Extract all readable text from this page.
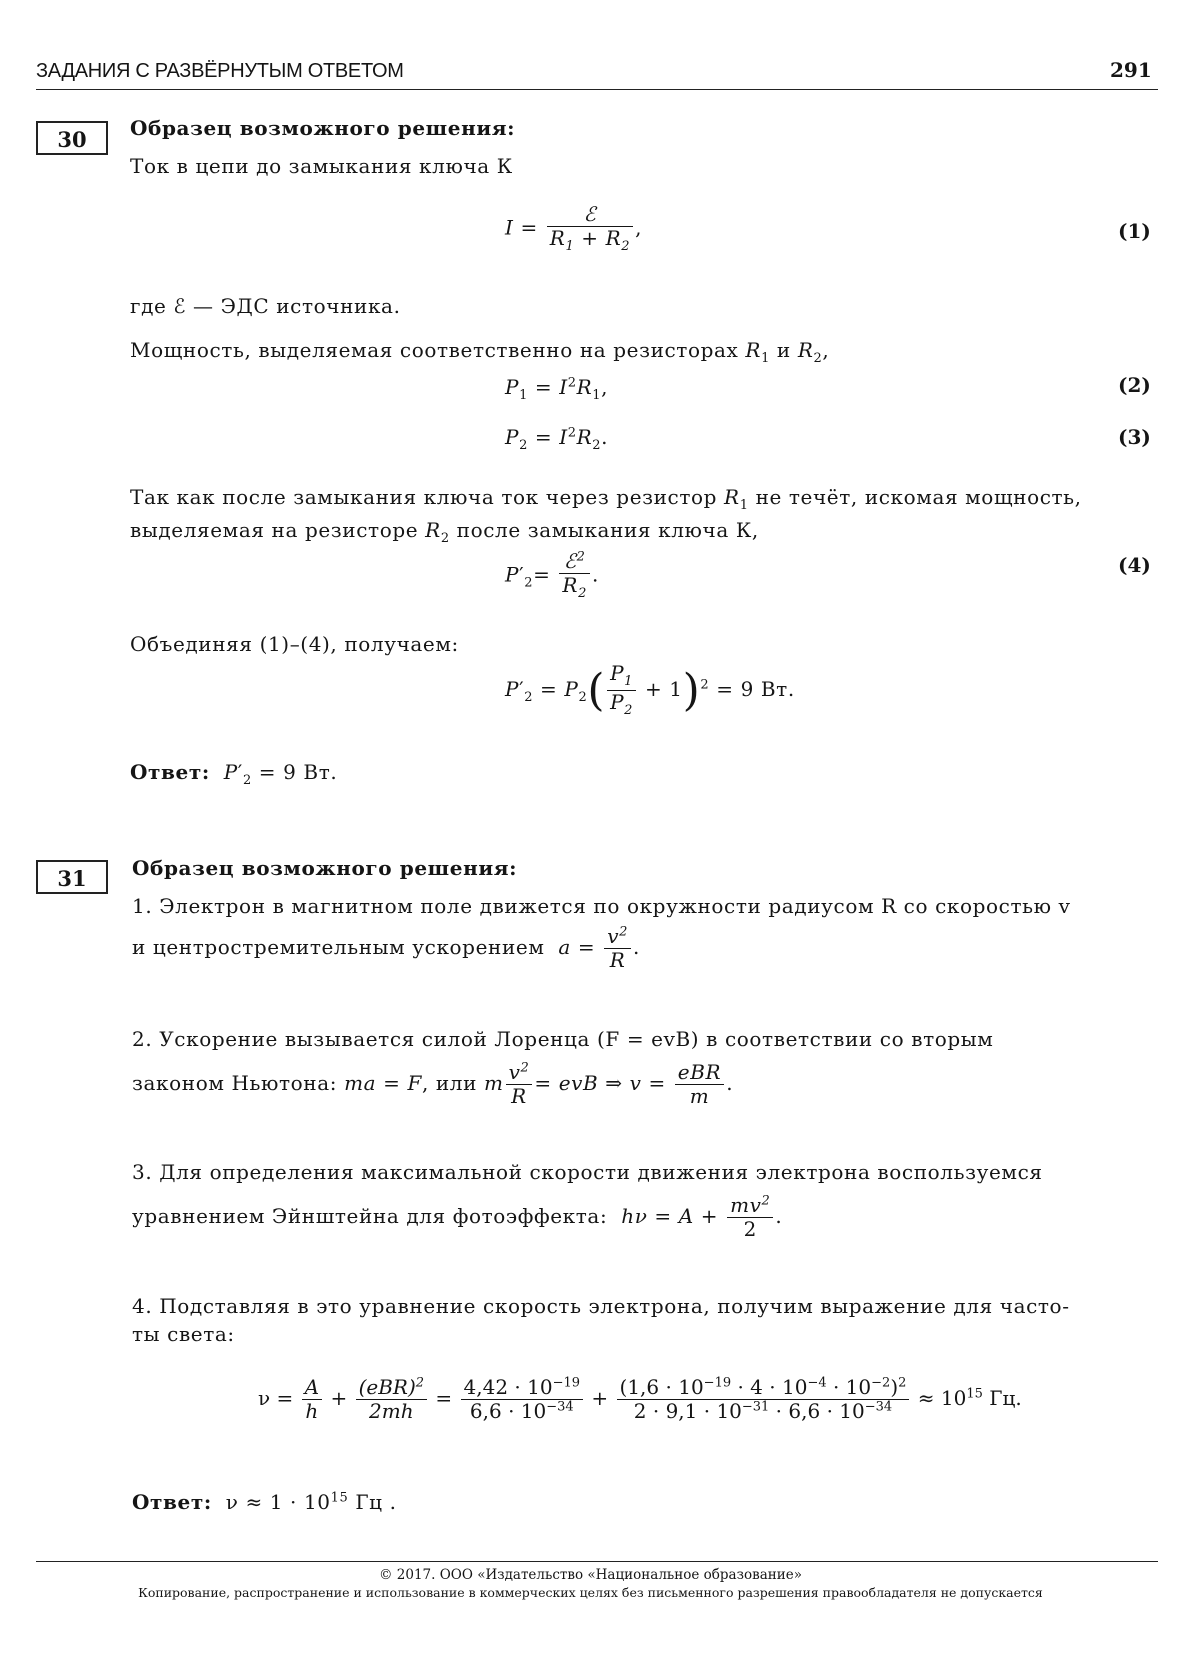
ЗАДАНИЯ С РАЗВЁРНУТЫМ ОТВЕТОМ	291
30	Образец возможного решения:
Ток в цепи до замыкания ключа К
$I = \frac{\text{ℰ}}{R_1 + R_2}$ ,	(1)
где ℰ — ЭДС источника.
Мощность, выделяемая соответственно на резисторах $R_1$ и $R_2$,
$P_1 = I^2R_1$,	(2)
$P_2 = I^2R_2$.	(3)
Так как после замыкания ключа ток через резистор $R_1$ не течёт, искомая мощность,
выделяемая на резисторе $R_2$ после замыкания ключа К,
$P'_2= \frac{ℰ^2}{R_2}$ .	(4)
Объединяя (1)–(4), получаем:
$P'_2 = P_2( \frac{P_1}{P_2} + 1)^2 = 9$ Вт.
Ответ: $P'_2 = 9$ Вт.
31	Образец возможного решения:
1. Электрон в магнитном поле движется по окружности радиусом R со скоростью v
и центростремительным ускорением $a = \frac{v^2}{R}$ .
2. Ускорение вызывается силой Лоренца (F = evB) в соответствии со вторым
законом Ньютона: ma = F, или m $\frac{v^2}{R}$ = evB ⇒ $v = \frac{\text{eBR}}{m}$ .
3. Для определения максимальной скорости движения электрона воспользуемся
уравнением Эйнштейна для фотоэффекта: $h\nu = A + \frac{mv^2}{2}$ .
4. Подставляя в это уравнение скорость электрона, получим выражение для часто-
ты света:
$\nu = \frac{A}{h} + \frac{(eBR)^2}{2mh} = \frac{4,42 \cdot 10^{-19}}{6,6 \cdot 10^{-34}} + \frac{(1,6 \cdot 10^{-19} \cdot 4 \cdot 10^{-4} \cdot 10^{-2})^2}{2 \cdot 9,1 \cdot 10^{-31} \cdot 6,6 \cdot 10^{-34}} \approx 10^{15}$ Гц.
Ответ: $\nu \approx 1 \cdot 10^{15}$ Гц .
© 2017. ООО «Издательство «Национальное образование»
Копирование, распространение и использование в коммерческих целях без письменного разрешения правообладателя не допускается
